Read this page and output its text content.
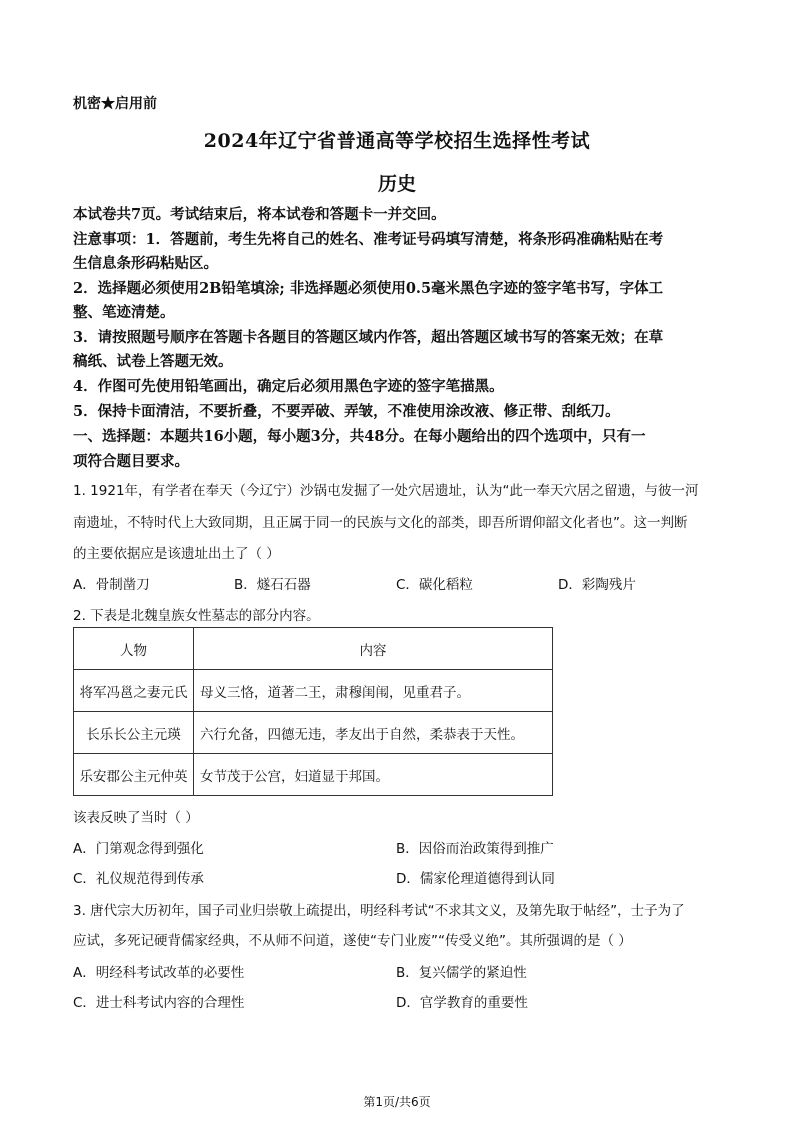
机密★启用前
2024年辽宁省普通高等学校招生选择性考试
历史
本试卷共7页。考试结束后，将本试卷和答题卡一并交回。
注意事项：1．答题前，考生先将自己的姓名、准考证号码填写清楚，将条形码准确粘贴在考
生信息条形码粘贴区。
2．选择题必须使用2B铅笔填涂; 非选择题必须使用0.5毫米黑色字迹的签字笔书写，字体工
整、笔迹清楚。
3．请按照题号顺序在答题卡各题目的答题区域内作答，超出答题区域书写的答案无效；在草
稿纸、试卷上答题无效。
4．作图可先使用铅笔画出，确定后必须用黑色字迹的签字笔描黑。
5．保持卡面清洁，不要折叠，不要弄破、弄皱，不准使用涂改液、修正带、刮纸刀。
一、选择题：本题共16小题，每小题3分，共48分。在每小题给出的四个选项中，只有一
项符合题目要求。
1. 1921年，有学者在奉天（今辽宁）沙锅屯发掘了一处穴居遗址，认为“此一奉天穴居之留遗，与彼一河
南遗址，不特时代上大致同期，且正属于同一的民族与文化的部类，即吾所谓仰韶文化者也”。这一判断
的主要依据应是该遗址出土了（ ）
A．骨制凿刀	B．燧石石器	C．碳化稻粒	D．彩陶残片
2. 下表是北魏皇族女性墓志的部分内容。
人物	内容
将军冯邕之妻元氏	母义三恪，道著二王，肃穆闺闱，见重君子。
长乐长公主元瑛	六行允备，四德无违，孝友出于自然，柔恭表于天性。
乐安郡公主元仲英	女节茂于公宫，妇道显于邦国。
该表反映了当时（ ）
A．门第观念得到强化	B．因俗而治政策得到推广
C．礼仪规范得到传承	D．儒家伦理道德得到认同
3. 唐代宗大历初年，国子司业归崇敬上疏提出，明经科考试“不求其文义，及第先取于帖经”，士子为了
应试，多死记硬背儒家经典，不从师不问道，遂使“专门业废”“传受义绝”。其所强调的是（ ）
A．明经科考试改革的必要性	B．复兴儒学的紧迫性
C．进士科考试内容的合理性	D．官学教育的重要性
第1页/共6页
